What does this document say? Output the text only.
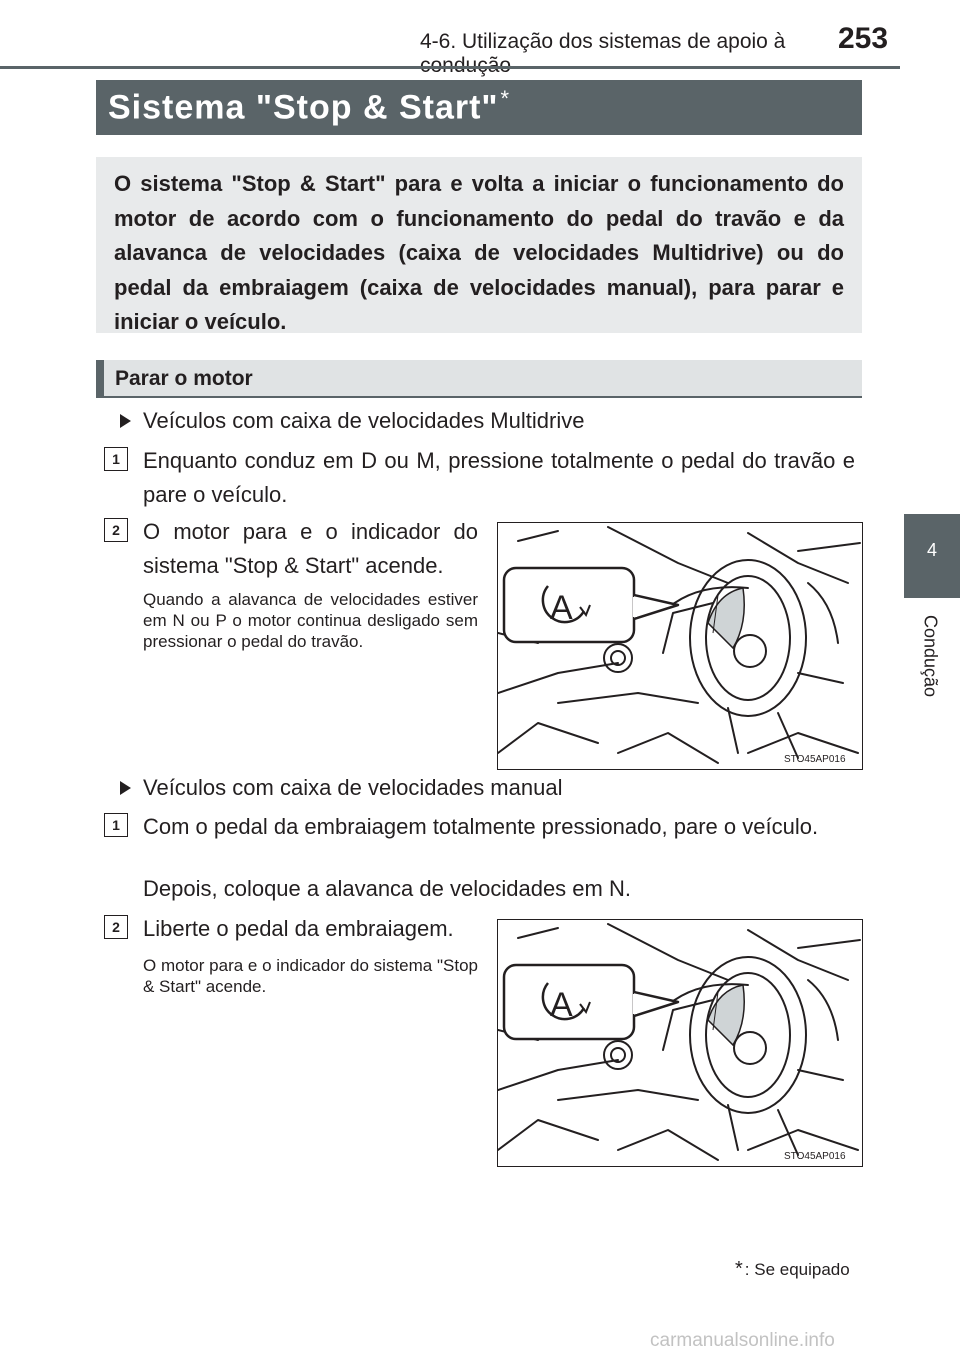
4-6. Utilização dos sistemas de apoio à	253
4
Condução
Sistema "Stop & Start"*
O sistema "Stop & Start" para e volta a iniciar o funcionamento do motor de acordo com o funcionamento do pedal do travão e da alavanca de velocidades (caixa de velocidades Multidrive) ou do pedal da embraiagem (caixa de velocidades manual), para parar e iniciar o veículo.
Parar o motor
Veículos com caixa de velocidades Multidrive
1	Enquanto conduz em D ou M, pressione totalmente o pedal do travão e pare o veículo.
2	O motor para e o indicador do sistema "Stop & Start" acende.
Quando a alavanca de velocidades estiver em N ou P o motor continua desligado sem pressionar o pedal do travão.
A
STO45AP016
Veículos com caixa de velocidades manual
1	Com o pedal da embraiagem totalmente pressionado, pare o veículo.
Depois, coloque a alavanca de velocidades em N.
2	Liberte o pedal da embraiagem.
O motor para e o indicador do sistema "Stop & Start" acende.	A
STO45AP016
* : Se equipado
carmanualsonline.info
